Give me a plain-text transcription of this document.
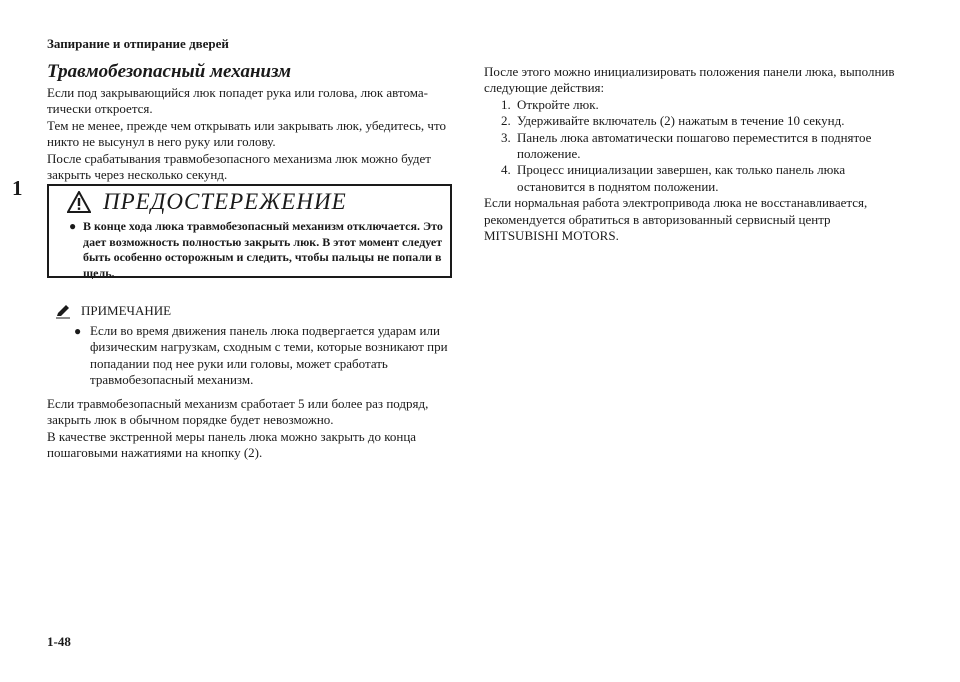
Запирание и отпирание дверей
1
1-48
Травмобезопасный механизм

Если под закрывающийся люк попадет рука или голова, люк автома-тически откроется.

Тем не менее, прежде чем открывать или закрывать люк, убедитесь, что никто не высунул в него руку или голову.

После срабатывания травмобезопасного механизма люк можно будет закрыть через несколько секунд.

ПРЕДОСТЕРЕЖЕНИЕ
● В конце хода люка травмобезопасный механизм отключается. Это дает возможность полностью закрыть люк. В этот момент следует быть особенно осторожным и следить, чтобы пальцы не попали в щель.
ПРИМЕЧАНИЕ
● Если во время движения панель люка подвергается ударам или физическим нагрузкам, сходным с теми, которые возникают при попадании под нее руки или головы, может сработать травмобезопасный механизм.

Если травмобезопасный механизм сработает 5 или более раз подряд, закрыть люк в обычном порядке будет невозможно.

В качестве экстренной меры панель люка можно закрыть до конца пошаговыми нажатиями на кнопку (2).

После этого можно инициализировать положения панели люка, выполнив следующие действия:

1. Откройте люк.
2. Удерживайте включатель (2) нажатым в течение 10 секунд.
3. Панель люка автоматически пошагово переместится в поднятое положение.
4. Процесс инициализации завершен, как только панель люка остановится в поднятом положении.

Если нормальная работа электропривода люка не восстанавливается, рекомендуется обратиться в авторизованный сервисный центр MITSUBISHI MOTORS.
